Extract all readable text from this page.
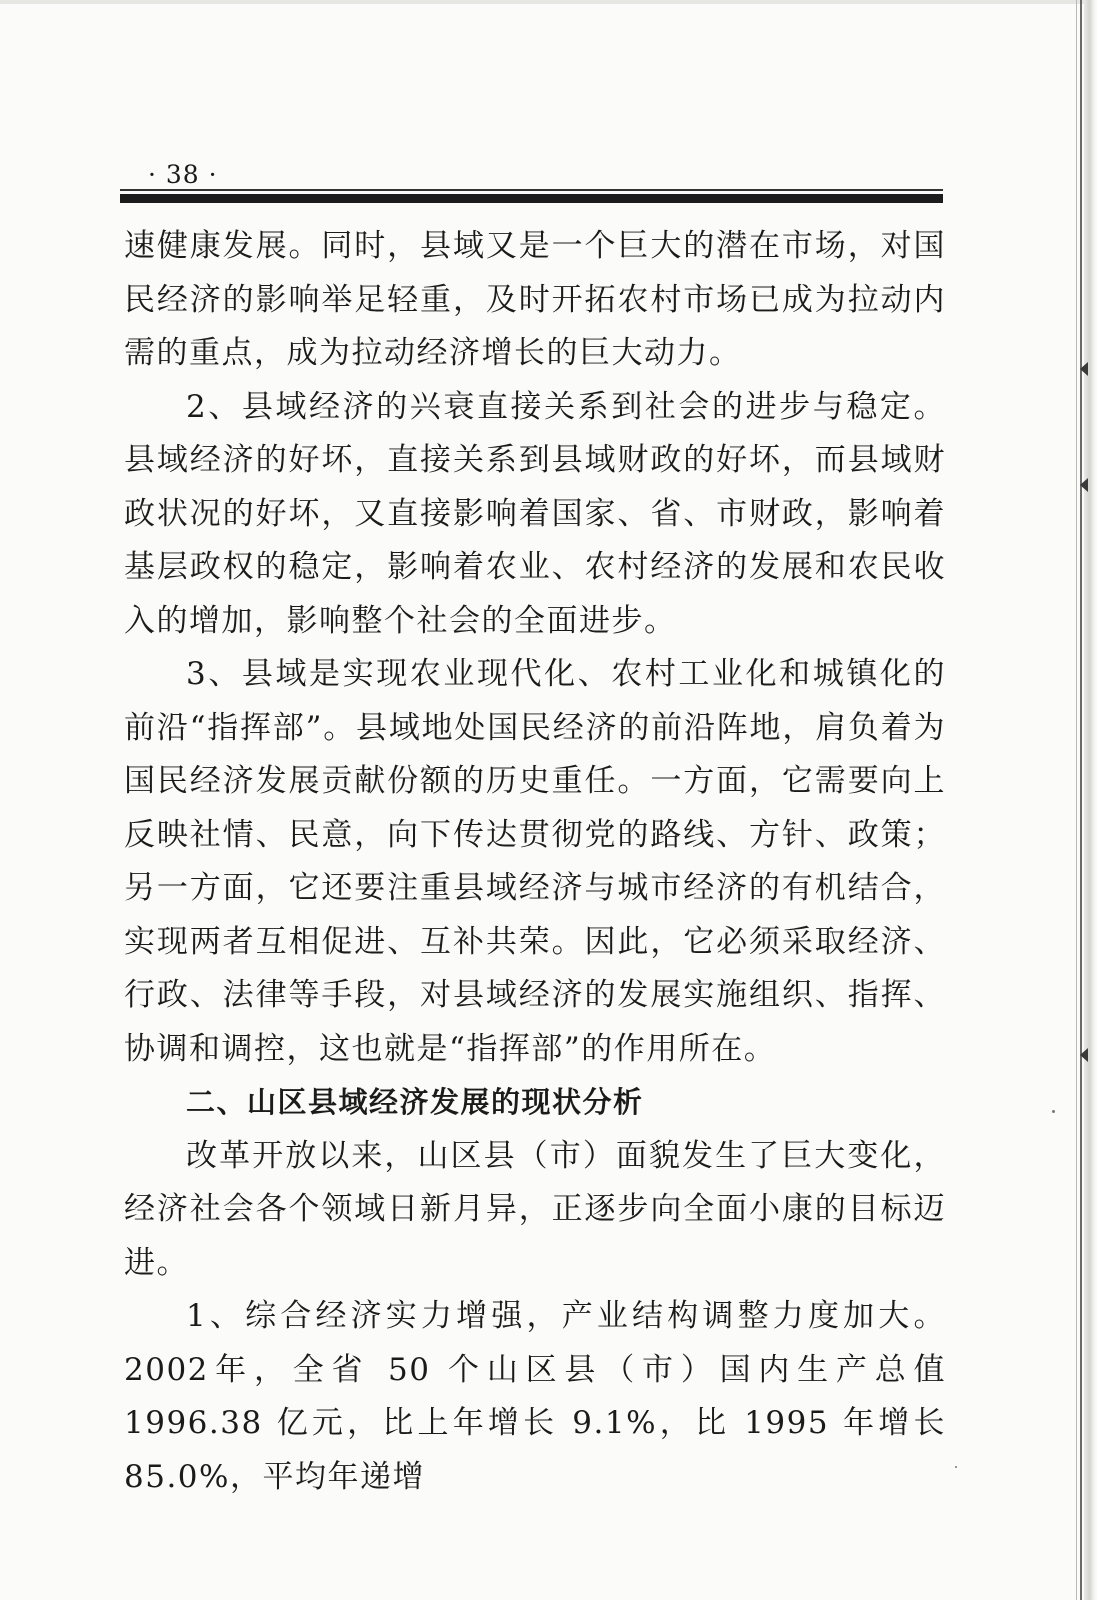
· 38 ·

速健康发展。同时，县域又是一个巨大的潜在市场，对国民经济的影响举足轻重，及时开拓农村市场已成为拉动内需的重点，成为拉动经济增长的巨大动力。

2、县域经济的兴衰直接关系到社会的进步与稳定。县域经济的好坏，直接关系到县域财政的好坏，而县域财政状况的好坏，又直接影响着国家、省、市财政，影响着基层政权的稳定，影响着农业、农村经济的发展和农民收入的增加，影响整个社会的全面进步。

3、县域是实现农业现代化、农村工业化和城镇化的前沿“指挥部”。县域地处国民经济的前沿阵地，肩负着为国民经济发展贡献份额的历史重任。一方面，它需要向上反映社情、民意，向下传达贯彻党的路线、方针、政策；另一方面，它还要注重县域经济与城市经济的有机结合，实现两者互相促进、互补共荣。因此，它必须采取经济、行政、法律等手段，对县域经济的发展实施组织、指挥、协调和调控，这也就是“指挥部”的作用所在。

二、山区县域经济发展的现状分析

改革开放以来，山区县（市）面貌发生了巨大变化，经济社会各个领域日新月异，正逐步向全面小康的目标迈进。

1、综合经济实力增强，产业结构调整力度加大。2002年，全省 50 个山区县（市）国内生产总值 1996.38 亿元，比上年增长 9.1%，比 1995 年增长 85.0%，平均年递增
